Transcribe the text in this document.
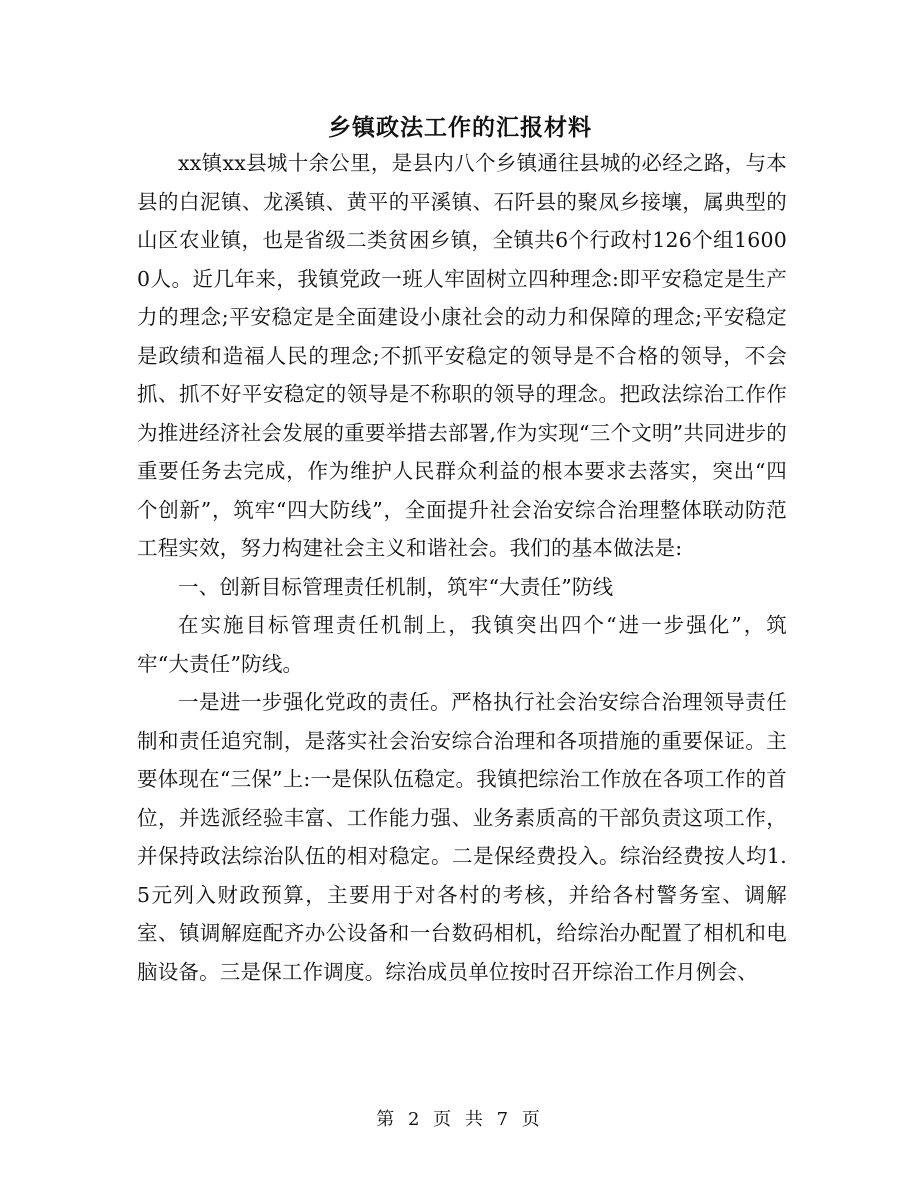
乡镇政法工作的汇报材料

xx镇xx县城十余公里，是县内八个乡镇通往县城的必经之路，与本县的白泥镇、龙溪镇、黄平的平溪镇、石阡县的聚凤乡接壤，属典型的山区农业镇，也是省级二类贫困乡镇，全镇共6个行政村126个组16000人。近几年来，我镇党政一班人牢固树立四种理念:即平安稳定是生产力的理念;平安稳定是全面建设小康社会的动力和保障的理念;平安稳定是政绩和造福人民的理念;不抓平安稳定的领导是不合格的领导，不会抓、抓不好平安稳定的领导是不称职的领导的理念。把政法综治工作作为推进经济社会发展的重要举措去部署,作为实现“三个文明”共同进步的重要任务去完成，作为维护人民群众利益的根本要求去落实，突出“四个创新”，筑牢“四大防线”，全面提升社会治安综合治理整体联动防范工程实效，努力构建社会主义和谐社会。我们的基本做法是:

一、创新目标管理责任机制，筑牢“大责任”防线

在实施目标管理责任机制上，我镇突出四个“进一步强化”，筑牢“大责任”防线。

一是进一步强化党政的责任。严格执行社会治安综合治理领导责任制和责任追究制，是落实社会治安综合治理和各项措施的重要保证。主要体现在“三保”上:一是保队伍稳定。我镇把综治工作放在各项工作的首位，并选派经验丰富、工作能力强、业务素质高的干部负责这项工作，并保持政法综治队伍的相对稳定。二是保经费投入。综治经费按人均1.5元列入财政预算，主要用于对各村的考核，并给各村警务室、调解室、镇调解庭配齐办公设备和一台数码相机，给综治办配置了相机和电脑设备。三是保工作调度。综治成员单位按时召开综治工作月例会、

第 2 页 共 7 页
